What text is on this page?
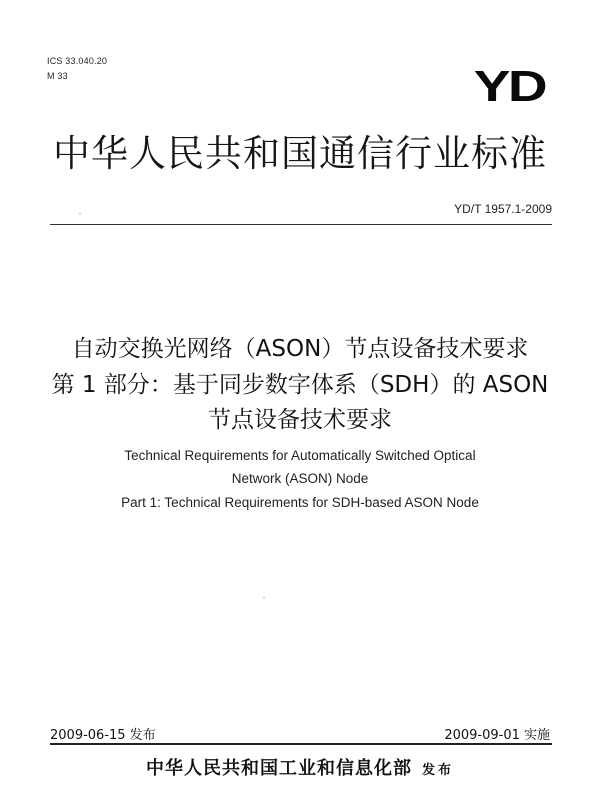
ICS 33.040.20
M 33	YD
中华人民共和国通信行业标准
YD/T 1957.1-2009
自动交换光网络（ASON）节点设备技术要求
第 1 部分：基于同步数字体系（SDH）的 ASON
节点设备技术要求
Technical Requirements for Automatically Switched Optical
Network (ASON) Node
Part 1: Technical Requirements for SDH-based ASON Node
2009-06-15 发布	2009-09-01 实施
中华人民共和国工业和信息化部 发布
